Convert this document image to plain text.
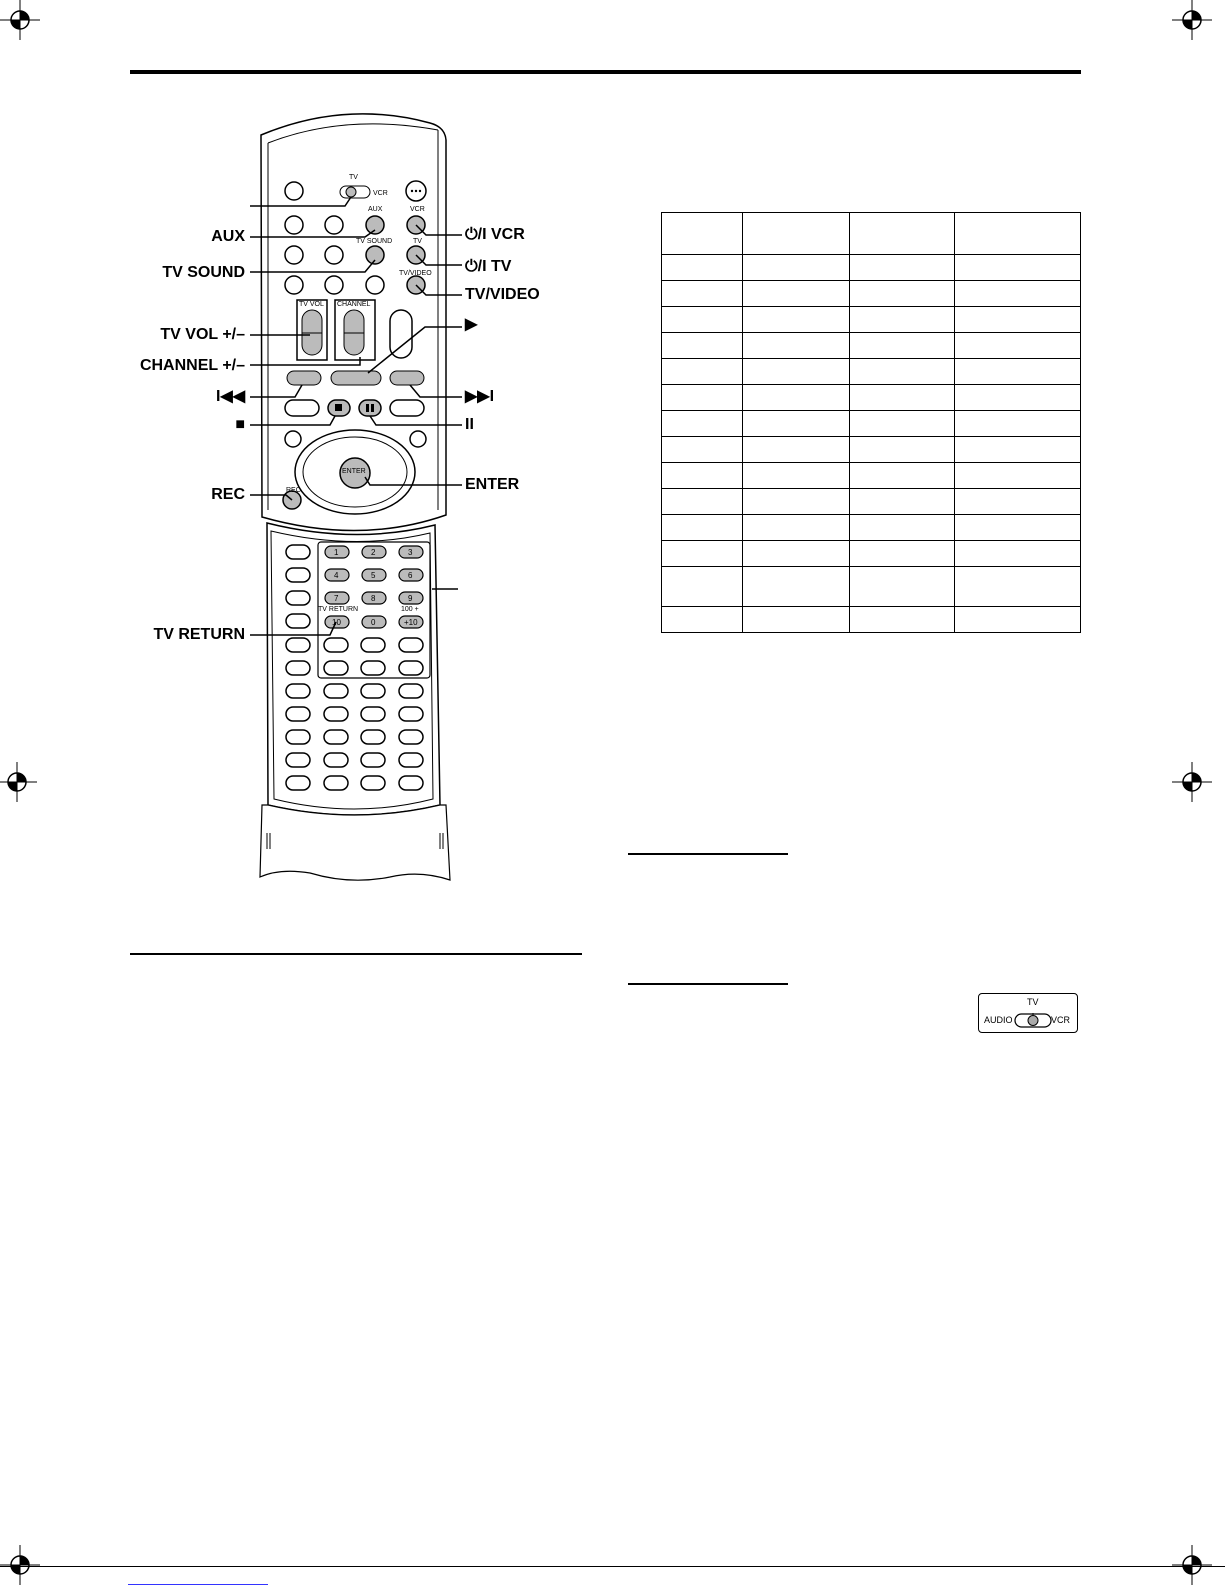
TV
VCR
AUX
TV SOUND
VCR
TV
TV/VIDEO
TV VOL CHANNEL
ENTER
REC
TV RETURN	100 +
1	2	3
4	5	6
7	8	9
10	0	+10
AUX
TV SOUND
TV VOL +/–
CHANNEL +/–
I◀◀
■
REC
TV RETURN
⏻/I VCR
⏻/I TV
TV/VIDEO
▶
▶▶I
II
ENTER

TV
AUDIO	VCR
